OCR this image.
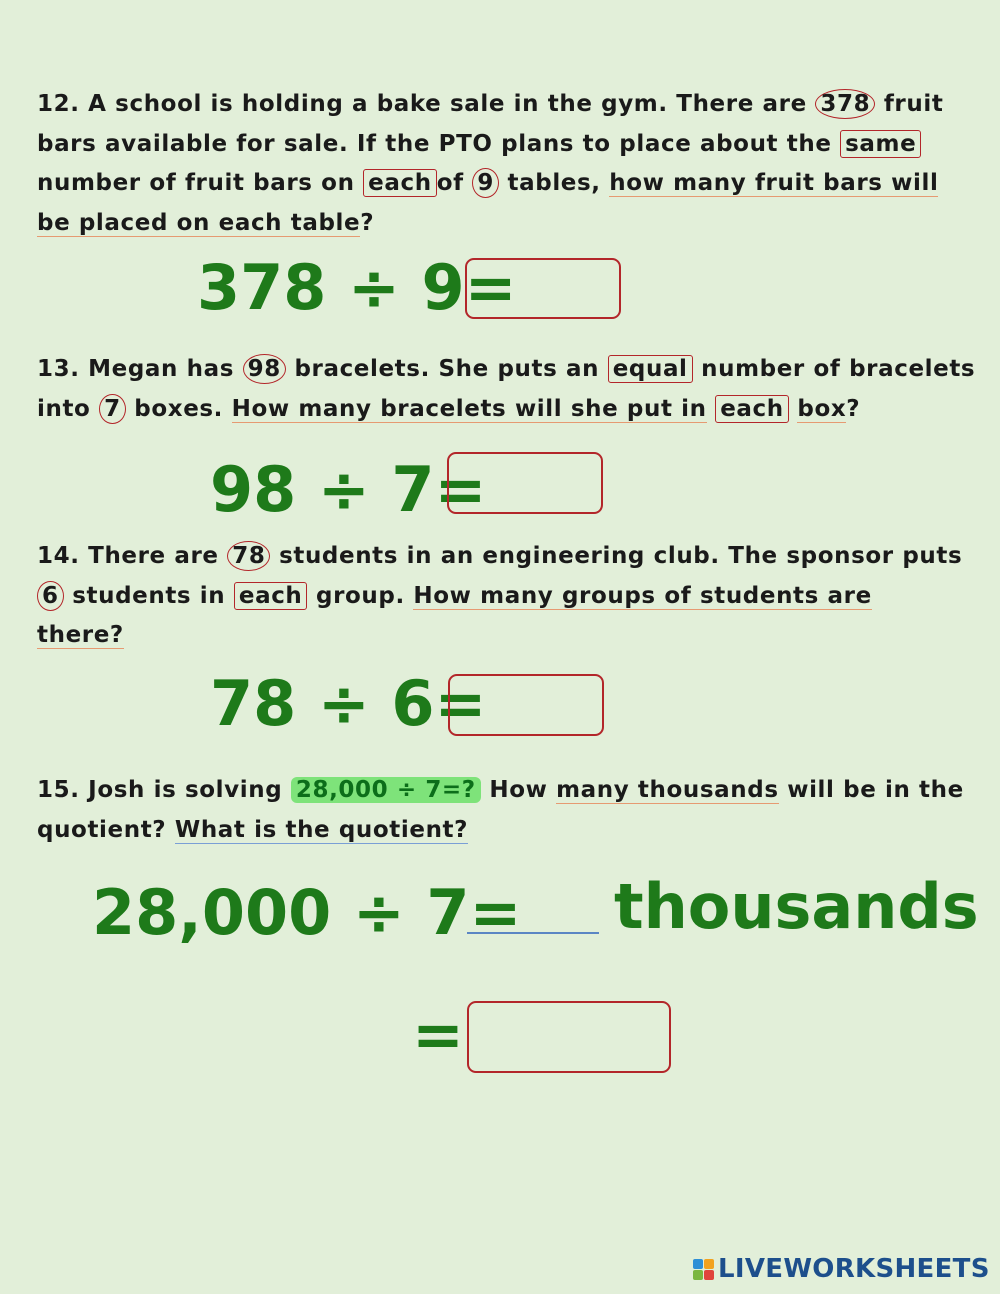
12. A school is holding a bake sale in the gym. There are 378 fruit bars available for sale. If the PTO plans to place about the same number of fruit bars on each of 9 tables, how many fruit bars will be placed on each table?

378 ÷ 9=

13. Megan has 98 bracelets. She puts an equal number of bracelets into 7 boxes. How many bracelets will she put in each box?

98 ÷ 7=

14. There are 78 students in an engineering club. The sponsor puts 6 students in each group. How many groups of students are there?

78 ÷ 6=

15. Josh is solving 28,000 ÷ 7=? How many thousands will be in the quotient? What is the quotient?

28,000 ÷ 7= thousands
=
LIVEWORKSHEETS
